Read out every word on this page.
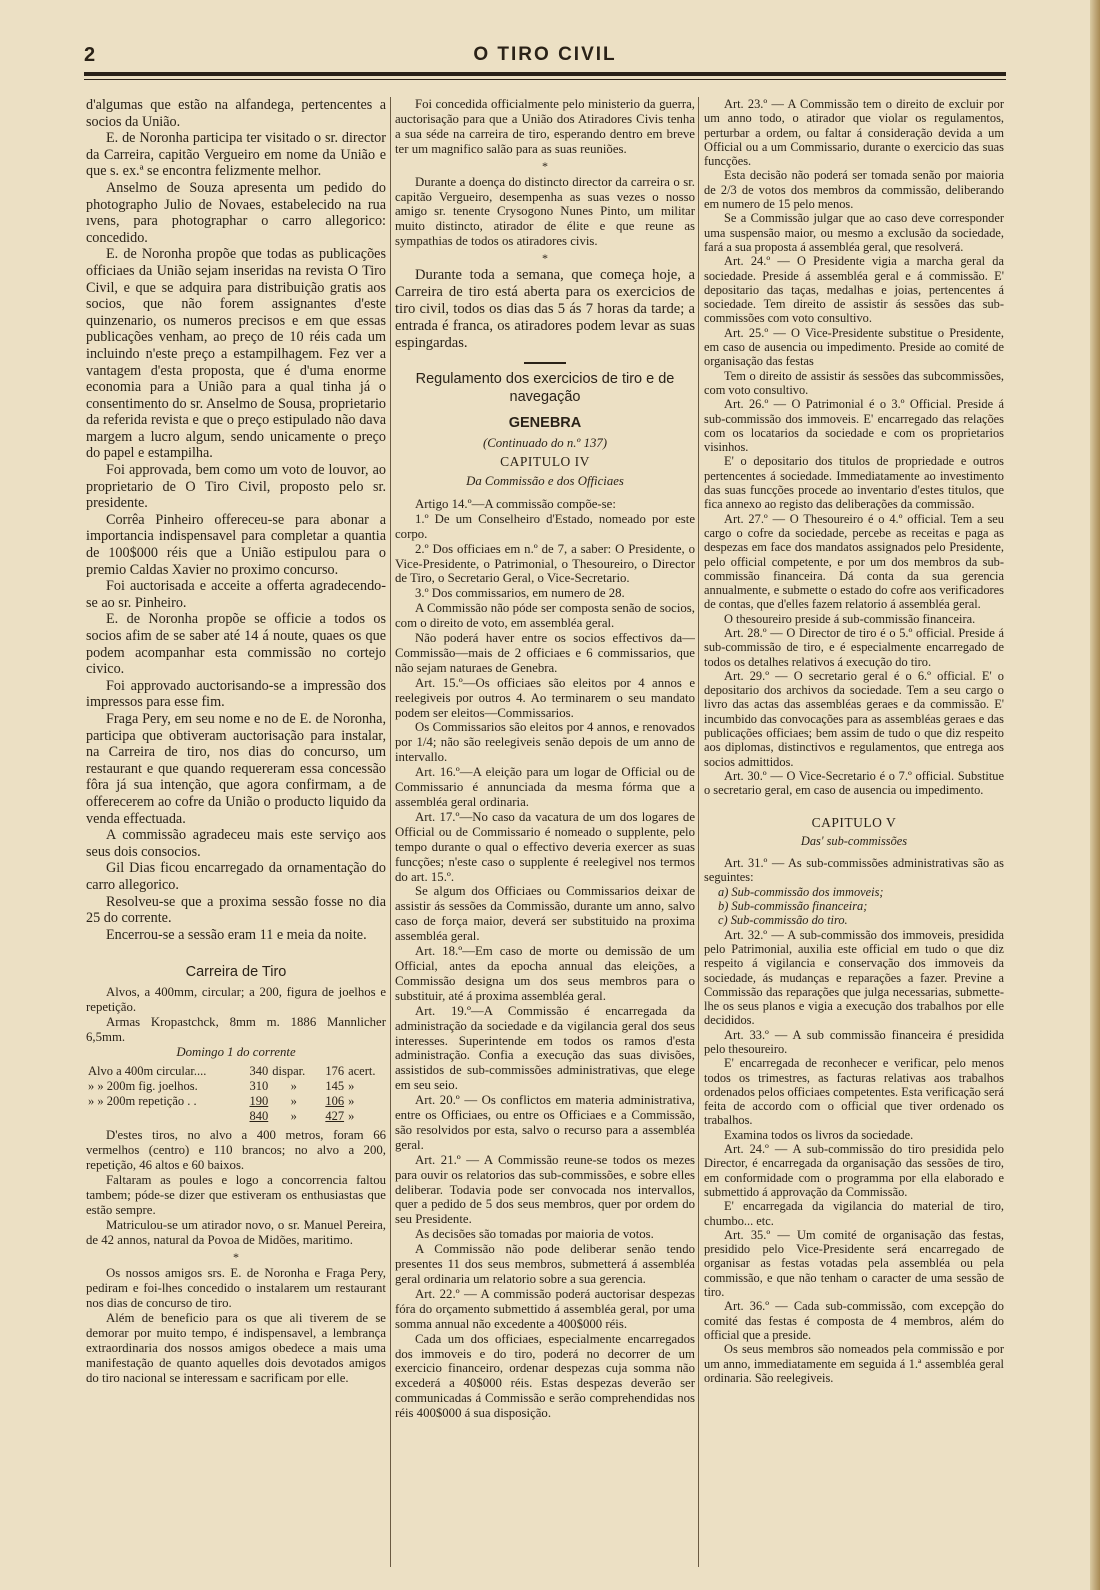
2	O TIRO CIVIL

d'algumas que estão na alfandega, pertencentes a socios da União.

E. de Noronha participa ter visitado o sr. director da Carreira, capitão Vergueiro em nome da União e que s. ex.ª se encontra felizmente melhor.

Anselmo de Souza apresenta um pedido do photographo Julio de Novaes, estabelecido na rua ıvens, para photographar o carro allegorico: concedido.

E. de Noronha propõe que todas as publicações officiaes da União sejam inseridas na revista O Tiro Civil, e que se adquira para distribuição gratis aos socios, que não forem assignantes d'este quinzenario, os numeros precisos e em que essas publicações venham, ao preço de 10 réis cada um incluindo n'este preço a estampilhagem. Fez ver a vantagem d'esta proposta, que é d'uma enorme economia para a União para a qual tinha já o consentimento do sr. Anselmo de Sousa, proprietario da referida revista e que o preço estipulado não dava margem a lucro algum, sendo unicamente o preço do papel e estampilha.

Foi approvada, bem como um voto de louvor, ao proprietario de O Tiro Civil, proposto pelo sr. presidente.

Corrêa Pinheiro offereceu-se para abonar a importancia indispensavel para completar a quantia de 100$000 réis que a União estipulou para o premio Caldas Xavier no proximo concurso.

Foi auctorisada e acceite a offerta agradecendo-se ao sr. Pinheiro.

E. de Noronha propõe se officie a todos os socios afim de se saber até 14 á noute, quaes os que podem acompanhar esta commissão no cortejo civico.

Foi approvado auctorisando-se a impressão dos impressos para esse fim.

Fraga Pery, em seu nome e no de E. de Noronha, participa que obtiveram auctorisação para instalar, na Carreira de tiro, nos dias do concurso, um restaurant e que quando requereram essa concessão fôra já sua intenção, que agora confirmam, a de offerecerem ao cofre da União o producto liquido da venda effectuada.

A commissão agradeceu mais este serviço aos seus dois consocios.

Gil Dias ficou encarregado da ornamentação do carro allegorico.

Resolveu-se que a proxima sessão fosse no dia 25 do corrente.

Encerrou-se a sessão eram 11 e meia da noite.

Carreira de Tiro

Alvos, a 400mm, circular; a 200, figura de joelhos e repetição.

Armas Kropastchck, 8mm m. 1886 Mannlicher 6,5mm.

Domingo 1 do corrente

Alvo a 400m circular....	340	dispar.	176	acert.
» » 200m fig. joelhos.	310	»	145	»
» » 200m repetição . .	190	»	106	»
	840	»	427	»

D'estes tiros, no alvo a 400 metros, foram 66 vermelhos (centro) e 110 brancos; no alvo a 200, repetição, 46 altos e 60 baixos.

Faltaram as poules e logo a concorrencia faltou tambem; póde-se dizer que estiveram os enthusiastas que estão sempre.

Matriculou-se um atirador novo, o sr. Manuel Pereira, de 42 annos, natural da Povoa de Midões, maritimo.

*

Os nossos amigos srs. E. de Noronha e Fraga Pery, pediram e foi-lhes concedido o instalarem um restaurant nos dias de concurso de tiro.

Além de beneficio para os que ali tiverem de se demorar por muito tempo, é indispensavel, a lembrança extraordinaria dos nossos amigos obedece a mais uma manifestação de quanto aquelles dois devotados amigos do tiro nacional se interessam e sacrificam por elle.

Foi concedida officialmente pelo ministerio da guerra, auctorisação para que a União dos Atiradores Civis tenha a sua séde na carreira de tiro, esperando dentro em breve ter um magnifico salão para as suas reuniões.

*

Durante a doença do distincto director da carreira o sr. capitão Vergueiro, desempenha as suas vezes o nosso amigo sr. tenente Crysogono Nunes Pinto, um militar muito distincto, atirador de élite e que reune as sympathias de todos os atiradores civis.

*

Durante toda a semana, que começa hoje, a Carreira de tiro está aberta para os exercicios de tiro civil, todos os dias das 5 ás 7 horas da tarde; a entrada é franca, os atiradores podem levar as suas espingardas.

Regulamento dos exercicios de tiro e de navegação
GENEBRA

(Continuado do n.º 137)

CAPITULO IV

Da Commissão e dos Officiaes

Artigo 14.º—A commissão compõe-se:

1.º De um Conselheiro d'Estado, nomeado por este corpo.

2.º Dos officiaes em n.º de 7, a saber: O Presidente, o Vice-Presidente, o Patrimonial, o Thesoureiro, o Director de Tiro, o Secretario Geral, o Vice-Secretario.

3.º Dos commissarios, em numero de 28.

A Commissão não póde ser composta senão de socios, com o direito de voto, em assembléa geral.

Não poderá haver entre os socios effectivos da—Commissão—mais de 2 officiaes e 6 commissarios, que não sejam naturaes de Genebra.

Art. 15.º—Os officiaes são eleitos por 4 annos e reelegiveis por outros 4. Ao terminarem o seu mandato podem ser eleitos—Commissarios.

Os Commissarios são eleitos por 4 annos, e renovados por 1/4; não são reelegiveis senão depois de um anno de intervallo.

Art. 16.º—A eleição para um logar de Official ou de Commissario é annunciada da mesma fórma que a assembléa geral ordinaria.

Art. 17.º—No caso da vacatura de um dos logares de Official ou de Commissario é nomeado o supplente, pelo tempo durante o qual o effectivo deveria exercer as suas funcções; n'este caso o supplente é reelegivel nos termos do art. 15.º.

Se algum dos Officiaes ou Commissarios deixar de assistir ás sessões da Commissão, durante um anno, salvo caso de força maior, deverá ser substituido na proxima assembléa geral.

Art. 18.º—Em caso de morte ou demissão de um Official, antes da epocha annual das eleições, a Commissão designa um dos seus membros para o substituir, até á proxima assembléa geral.

Art. 19.º—A Commissão é encarregada da administração da sociedade e da vigilancia geral dos seus interesses. Superintende em todos os ramos d'esta administração. Confia a execução das suas divisões, assistidos de sub-commissões administrativas, que elege em seu seio.

Art. 20.º — Os conflictos em materia administrativa, entre os Officiaes, ou entre os Officiaes e a Commissão, são resolvidos por esta, salvo o recurso para a assembléa geral.

Art. 21.º — A Commissão reune-se todos os mezes para ouvir os relatorios das sub-commissões, e sobre elles deliberar. Todavia pode ser convocada nos intervallos, quer a pedido de 5 dos seus membros, quer por ordem do seu Presidente.

As decisões são tomadas por maioria de votos.

A Commissão não pode deliberar senão tendo presentes 11 dos seus membros, submetterá á assembléa geral ordinaria um relatorio sobre a sua gerencia.

Art. 22.º — A commissão poderá auctorisar despezas fóra do orçamento submettido á assembléa geral, por uma somma annual não excedente a 400$000 réis.

Cada um dos officiaes, especialmente encarregados dos immoveis e do tiro, poderá no decorrer de um exercicio financeiro, ordenar despezas cuja somma não excederá a 40$000 réis. Estas despezas deverão ser communicadas á Commissão e serão comprehendidas nos réis 400$000 á sua disposição.

Art. 23.º — A Commissão tem o direito de excluir por um anno todo, o atirador que violar os regulamentos, perturbar a ordem, ou faltar á consideração devida a um Official ou a um Commissario, durante o exercicio das suas funcções.

Esta decisão não poderá ser tomada senão por maioria de 2/3 de votos dos membros da commissão, deliberando em numero de 15 pelo menos.

Se a Commissão julgar que ao caso deve corresponder uma suspensão maior, ou mesmo a exclusão da sociedade, fará a sua proposta á assembléa geral, que resolverá.

Art. 24.º — O Presidente vigia a marcha geral da sociedade. Preside á assembléa geral e á commissão. E' depositario das taças, medalhas e joias, pertencentes á sociedade. Tem direito de assistir ás sessões das sub-commissões com voto consultivo.

Art. 25.º — O Vice-Presidente substitue o Presidente, em caso de ausencia ou impedimento. Preside ao comité de organisação das festas

Tem o direito de assistir ás sessões das subcommissões, com voto consultivo.

Art. 26.º — O Patrimonial é o 3.º Official. Preside á sub-commissão dos immoveis. E' encarregado das relações com os locatarios da sociedade e com os proprietarios visinhos.

E' o depositario dos titulos de propriedade e outros pertencentes á sociedade. Immediatamente ao investimento das suas funcções procede ao inventario d'estes titulos, que fica annexo ao registo das deliberações da commissão.

Art. 27.º — O Thesoureiro é o 4.º official. Tem a seu cargo o cofre da sociedade, percebe as receitas e paga as despezas em face dos mandatos assignados pelo Presidente, pelo official competente, e por um dos membros da sub-commissão financeira. Dá conta da sua gerencia annualmente, e submette o estado do cofre aos verificadores de contas, que d'elles fazem relatorio á assembléa geral.

O thesoureiro preside á sub-commissão financeira.

Art. 28.º — O Director de tiro é o 5.º official. Preside á sub-commissão de tiro, e é especialmente encarregado de todos os detalhes relativos á execução do tiro.

Art. 29.º — O secretario geral é o 6.º official. E' o depositario dos archivos da sociedade. Tem a seu cargo o livro das actas das assembléas geraes e da commissão. E' incumbido das convocações para as assembléas geraes e das publicações officiaes; bem assim de tudo o que diz respeito aos diplomas, distinctivos e regulamentos, que entrega aos socios admittidos.

Art. 30.º — O Vice-Secretario é o 7.º official. Substitue o secretario geral, em caso de ausencia ou impedimento.

CAPITULO V

Das' sub-commissões

Art. 31.º — As sub-commissões administrativas são as seguintes:

a) Sub-commissão dos immoveis;

b) Sub-commissão financeira;

c) Sub-commissão do tiro.

Art. 32.º — A sub-commissão dos immoveis, presidida pelo Patrimonial, auxilia este official em tudo o que diz respeito á vigilancia e conservação dos immoveis da sociedade, ás mudanças e reparações a fazer. Previne a Commissão das reparações que julga necessarias, submette-lhe os seus planos e vigia a execução dos trabalhos por elle decididos.

Art. 33.º — A sub commissão financeira é presidida pelo thesoureiro.

E' encarregada de reconhecer e verificar, pelo menos todos os trimestres, as facturas relativas aos trabalhos ordenados pelos officiaes competentes. Esta verificação será feita de accordo com o official que tiver ordenado os trabalhos.

Examina todos os livros da sociedade.

Art. 24.º — A sub-commissão do tiro presidida pelo Director, é encarregada da organisação das sessões de tiro, em conformidade com o programma por ella elaborado e submettido á approvação da Commissão.

E' encarregada da vigilancia do material de tiro, chumbo... etc.

Art. 35.º — Um comité de organisação das festas, presidido pelo Vice-Presidente será encarregado de organisar as festas votadas pela assembléa ou pela commissão, e que não tenham o caracter de uma sessão de tiro.

Art. 36.º — Cada sub-commissão, com excepção do comité das festas é composta de 4 membros, além do official que a preside.

Os seus membros são nomeados pela commissão e por um anno, immediatamente em seguida á 1.ª assembléa geral ordinaria. São reelegiveis.
